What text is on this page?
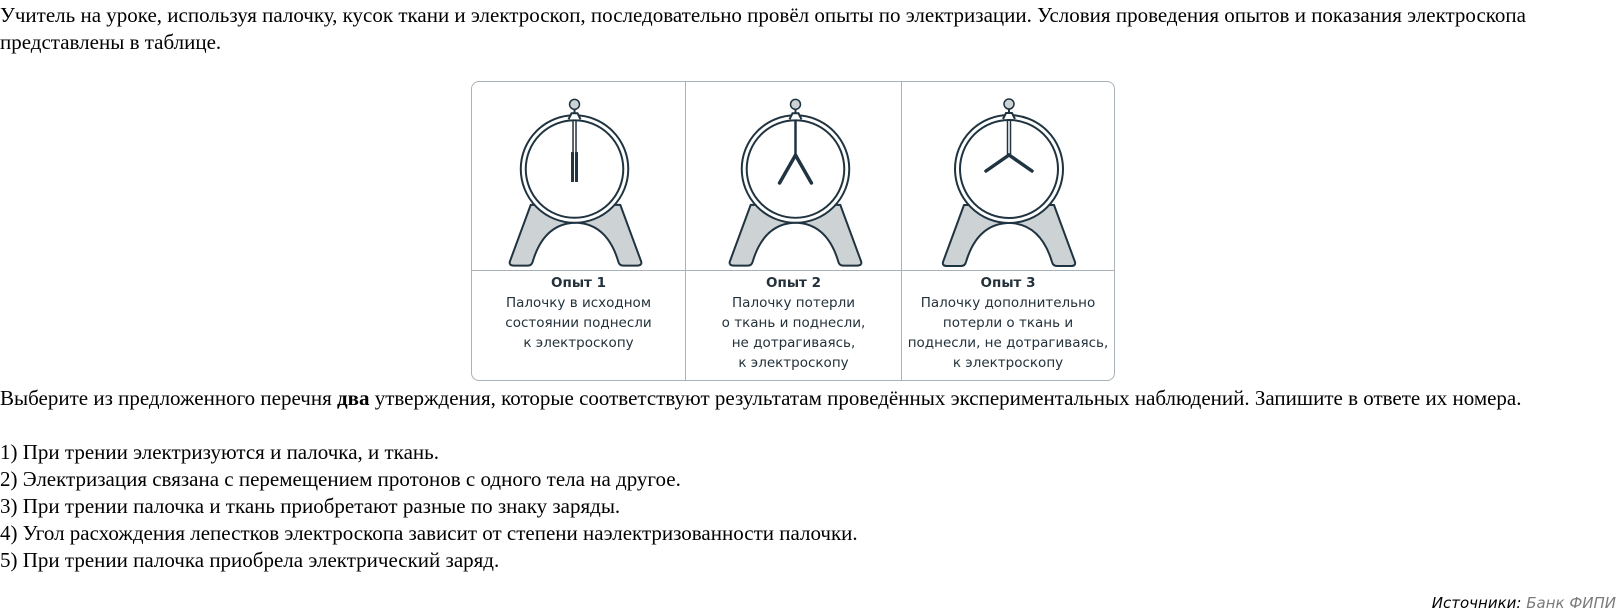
Учитель на уроке, используя палочку, кусок ткани и электроскоп, последовательно провёл опыты по электризации. Условия проведения опытов и показания электроскопа представлены в таблице.

Опыт 1
Палочку в исходном
состоянии поднесли
к электроскопу
Опыт 2
Палочку потерли
о ткань и поднесли,
не дотрагиваясь,
к электроскопу
Опыт 3
Палочку дополнительно
потерли о ткань и
поднесли, не дотрагиваясь,
к электроскопу

Выберите из предложенного перечня два утверждения, которые соответствуют результатам проведённых экспериментальных наблюдений. Запишите в ответе их номера.

1) При трении электризуются и палочка, и ткань.
2) Электризация связана с перемещением протонов с одного тела на другое.
3) При трении палочка и ткань приобретают разные по знаку заряды.
4) Угол расхождения лепестков электроскопа зависит от степени наэлектризованности палочки.
5) При трении палочка приобрела электрический заряд.
Источники: Банк ФИПИ
